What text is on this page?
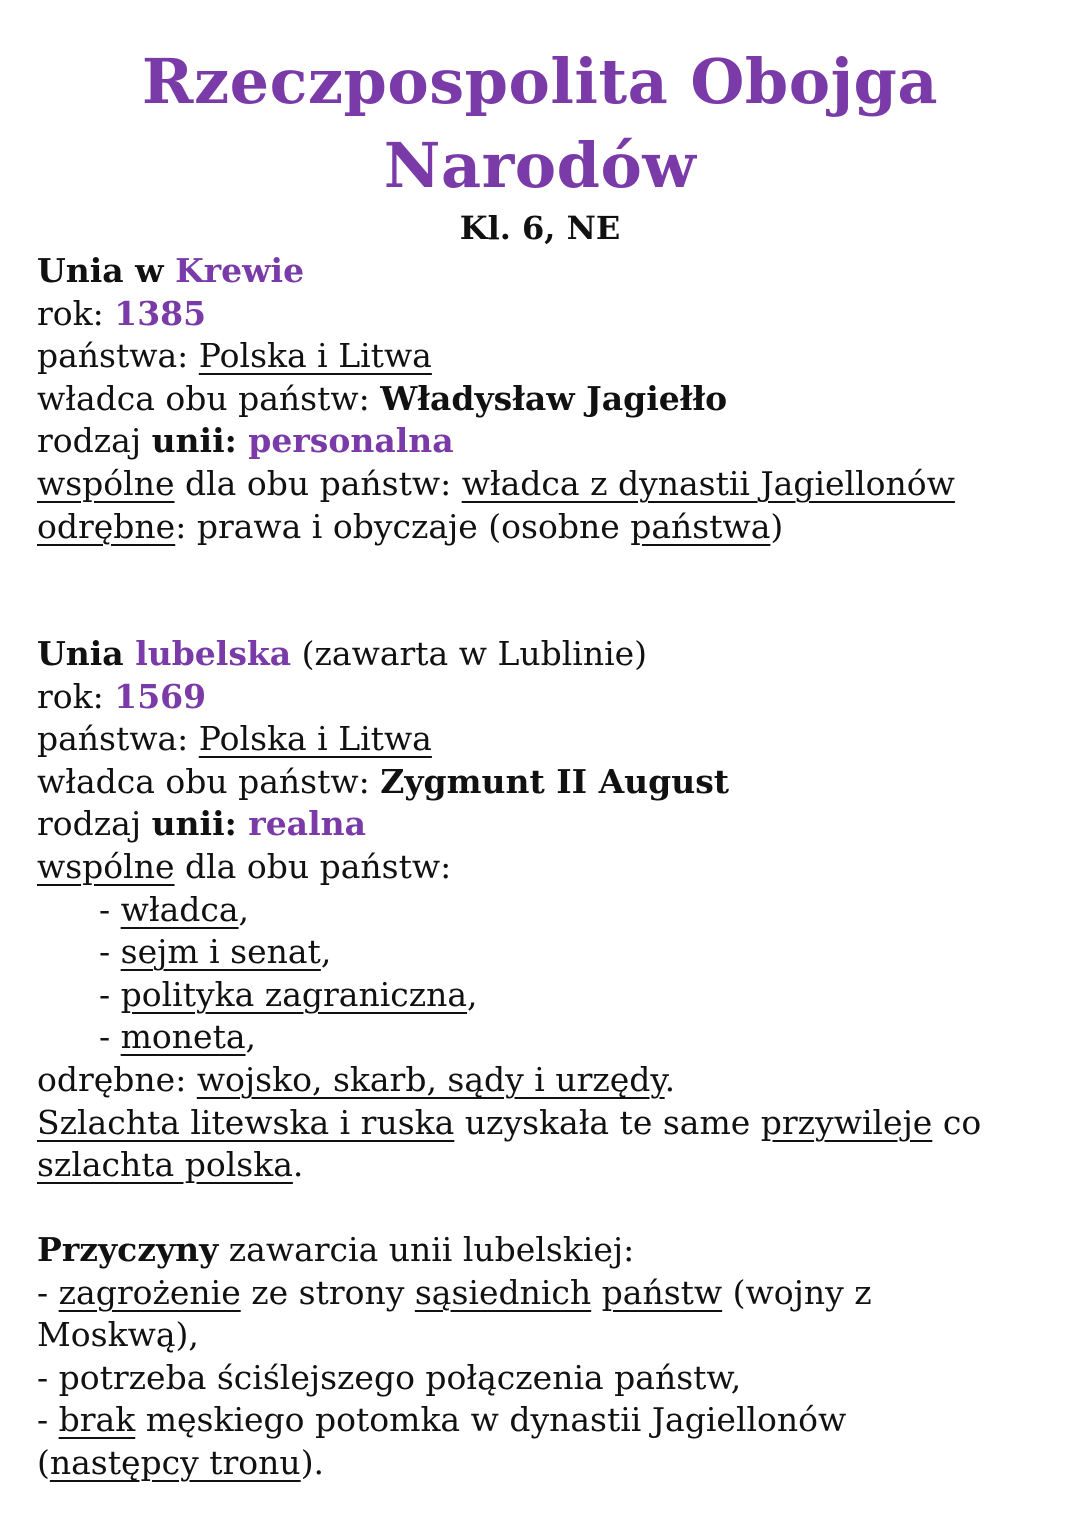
Rzeczpospolita Obojga
Narodów
Kl. 6, NE
Unia w Krewie
rok: 1385
państwa: Polska i Litwa
władca obu państw: Władysław Jagiełło
rodzaj unii: personalna
wspólne dla obu państw: władca z dynastii Jagiellonów
odrębne: prawa i obyczaje (osobne państwa)
Unia lubelska (zawarta w Lublinie)
rok: 1569
państwa: Polska i Litwa
władca obu państw: Zygmunt II August
rodzaj unii: realna
wspólne dla obu państw:
- władca,
- sejm i senat,
- polityka zagraniczna,
- moneta,
odrębne: wojsko, skarb, sądy i urzędy.
Szlachta litewska i ruska uzyskała te same przywileje co
szlachta polska.
Przyczyny zawarcia unii lubelskiej:
- zagrożenie ze strony sąsiednich państw (wojny z
Moskwą),
- potrzeba ściślejszego połączenia państw,
- brak męskiego potomka w dynastii Jagiellonów
(następcy tronu).
